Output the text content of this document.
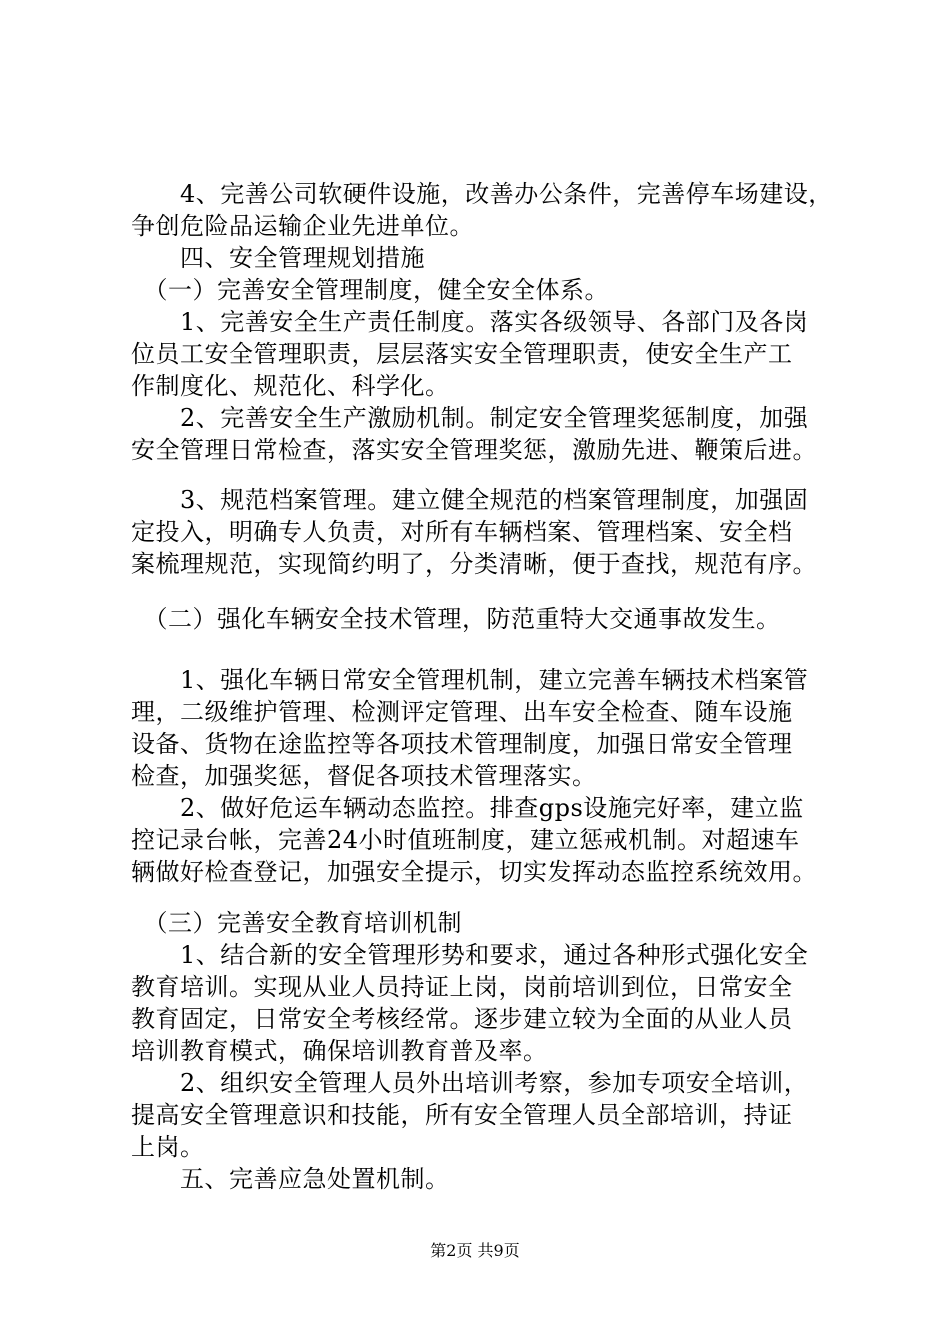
　　4、完善公司软硬件设施，改善办公条件，完善停车场建设，
争创危险品运输企业先进单位。
　　四、安全管理规划措施
　（一）完善安全管理制度，健全安全体系。
　　1、完善安全生产责任制度。落实各级领导、各部门及各岗
位员工安全管理职责，层层落实安全管理职责，使安全生产工
作制度化、规范化、科学化。
　　2、完善安全生产激励机制。制定安全管理奖惩制度，加强
安全管理日常检查，落实安全管理奖惩，激励先进、鞭策后进。
　　3、规范档案管理。建立健全规范的档案管理制度，加强固
定投入，明确专人负责，对所有车辆档案、管理档案、安全档
案梳理规范，实现简约明了，分类清晰，便于查找，规范有序。
　（二）强化车辆安全技术管理，防范重特大交通事故发生。
　　1、强化车辆日常安全管理机制，建立完善车辆技术档案管
理，二级维护管理、检测评定管理、出车安全检查、随车设施
设备、货物在途监控等各项技术管理制度，加强日常安全管理
检查，加强奖惩，督促各项技术管理落实。
　　2、做好危运车辆动态监控。排查gps设施完好率，建立监
控记录台帐，完善24小时值班制度，建立惩戒机制。对超速车
辆做好检查登记，加强安全提示，切实发挥动态监控系统效用。
　（三）完善安全教育培训机制
　　1、结合新的安全管理形势和要求，通过各种形式强化安全
教育培训。实现从业人员持证上岗，岗前培训到位，日常安全
教育固定，日常安全考核经常。逐步建立较为全面的从业人员
培训教育模式，确保培训教育普及率。
　　2、组织安全管理人员外出培训考察，参加专项安全培训，
提高安全管理意识和技能，所有安全管理人员全部培训，持证
上岗。
　　五、完善应急处置机制。
第2页 共9页
